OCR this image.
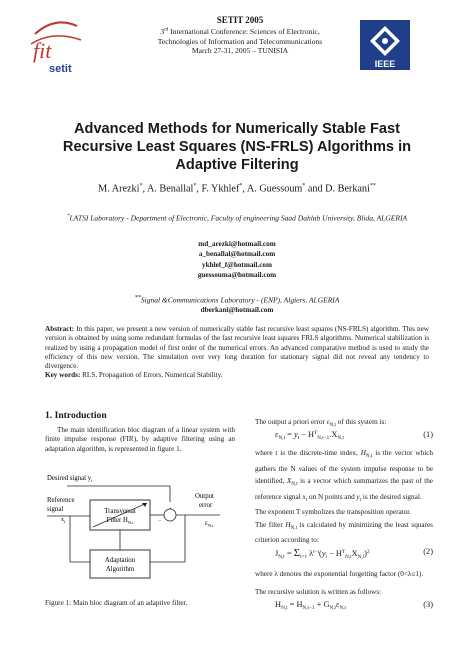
fit
setit
SETIT 2005
3rd International Conference: Sciences of Electronic,
Technologies of Information and Telecommunications
March 27-31, 2005 – TUNISIA
IEEE
Advanced Methods for Numerically Stable Fast
Recursive Least Squares (NS-FRLS) Algorithms in
Adaptive Filtering
M. Arezki*, A. Benallal*, F. Ykhlef*, A. Guessoum* and D. Berkani**
*LATSI Laboratory - Department of Electronic, Faculty of engineering Saad Dahlab University, Blida, ALGERIA
md_arezki@hotmail.com
a_benallal@hotmail.com
ykhlef_f@hotmail.com
guessouma@hotmail.com
**Signal &Communications Laboratory - (ENP), Algiers, ALGERIA
dberkani@hotmail.com
Abstract: In this paper, we present a new version of numerically stable fast recursive least squares (NS-FRLS) algorithm. This new version is obtained by using some redundant formulas of the fast recursive least squares FRLS algorithms. Numerical stabilization is realized by using a propagation model of first order of the numerical errors. An advanced comparative method is used to study the efficiency of this new version. The simulation over very long duration for stationary signal did not reveal any tendency to divergence.
Key words: RLS, Propagation of Errors, Numerical Stability.
1. Introduction
The main identification bloc diagram of a linear system with finite impulse response (FIR), by adaptive filtering using an adaptation algorithm, is represented in figure 1.
Desired signal $y_t$
Reference
signal
$x_t$
Transversal
Filter $H_{N,t}$
+
−
Output
error
$\varepsilon_{N,t}$
Adaptation
Algorithm
Figure 1: Main bloc diagram of an adaptive filter.
The output a priori error $\varepsilon_{N,t}$ of this system is:
$\varepsilon_{N,t} = y_t - H^T_{N,t-1}.X_{N,t}$	(1)
where t is the discrete-time index, $H_{N,t}$ is the vector which gathers the N values of the system impulse response to be identified, $X_{N,t}$ is a vector which summarizes the past of the reference signal $x_t$ on N points and $y_t$ is the desired signal.
The exponent T symbolizes the transposition operator.
The filter $H_{N,t}$ is calculated by minimizing the least squares criterion according to:
$J_{N,t} = \Sigma_{i=1}$ $\lambda^{t-i}(y_i - H^T_{N,t}X_{N,i})^2$	(2)
where λ denotes the exponential forgetting factor (0<λ≤1).
The recursive solution is written as follows:
$H_{N,t} = H_{N,t-1} + G_{N,t}\varepsilon_{N,t}$	(3)
